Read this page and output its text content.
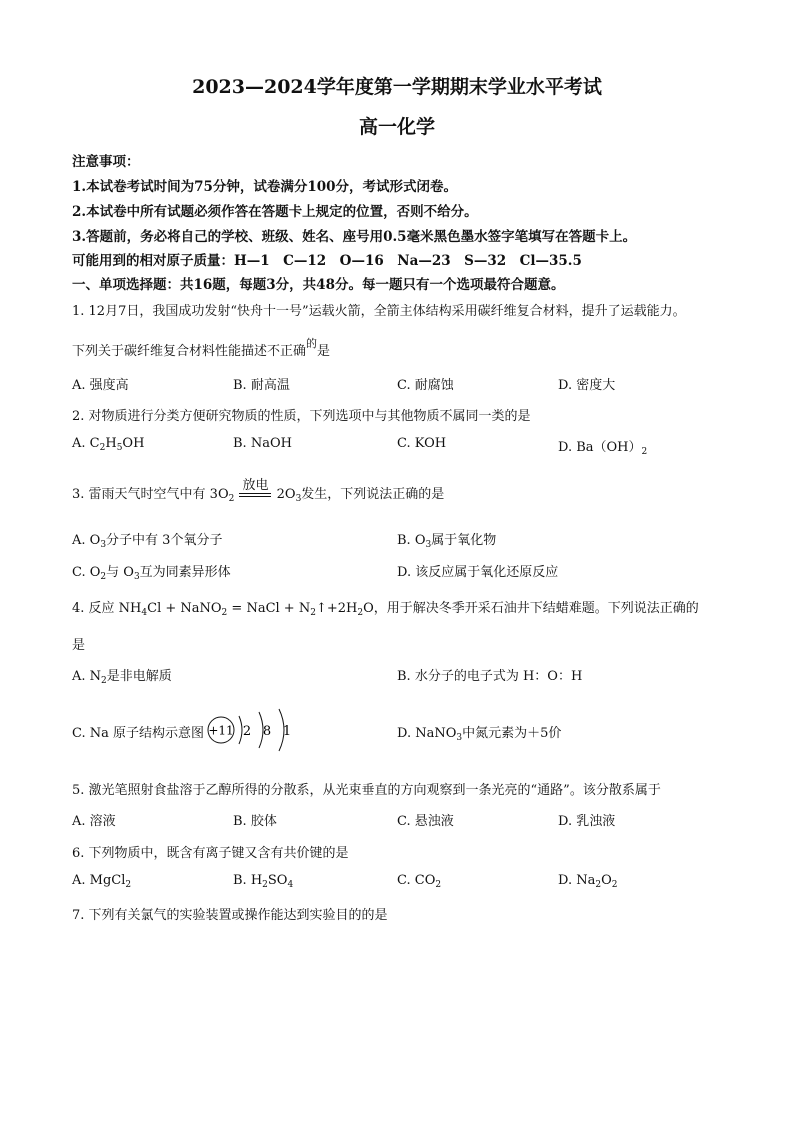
2023—2024学年度第一学期期末学业水平考试
高一化学
注意事项：
1.本试卷考试时间为75分钟，试卷满分100分，考试形式闭卷。
2.本试卷中所有试题必须作答在答题卡上规定的位置，否则不给分。
3.答题前，务必将自己的学校、班级、姓名、座号用0.5毫米黑色墨水签字笔填写在答题卡上。
可能用到的相对原子质量：H—1　C—12　O—16　Na—23　S—32　Cl—35.5
一、单项选择题：共16题，每题3分，共48分。每一题只有一个选项最符合题意。
1. 12月7日，我国成功发射“快舟十一号”运载火箭，全箭主体结构采用碳纤维复合材料，提升了运载能力。
下列关于碳纤维复合材料性能描述不正确$^的$是
A. 强度高	B. 耐高温	C. 耐腐蚀	D. 密度大
2. 对物质进行分类方便研究物质的性质，下列选项中与其他物质不属同一类的是
A. $C_2H_5OH$	B. NaOH	C. KOH	D. $Ba(OH)_2$
3. 雷雨天气时空气中有 $3O_2$
放电
$2O_3$发生，下列说法正确的是
A. $O_3$分子中有 3个氧分子	B. $O_3$属于氧化物
C. $O_2$与 $O_3$互为同素异形体	D. 该反应属于氧化还原反应
4. 反应 $NH_4Cl$ + NaNO$_2$ = NaCl + $N_2↑+2H_2O$，用于解决冬季开采石油井下结蜡难题。下列说法正确的
是
A. $N_2$是非电解质	B. 水分子的电子式为 H：O：H
C. Na 原子结构示意图 +11 2 8 1	D. NaNO$_3$中氮元素为＋5价
5. 激光笔照射食盐溶于乙醇所得的分散系，从光束垂直的方向观察到一条光亮的“通路”。该分散系属于
A. 溶液	B. 胶体	C. 悬浊液	D. 乳浊液
6. 下列物质中，既含有离子键又含有共价键的是
A. MgCl$_2$	B. $H_2SO_4$	C. $CO_2$	D. $Na_2O_2$
7. 下列有关氯气的实验装置或操作能达到实验目的的是
